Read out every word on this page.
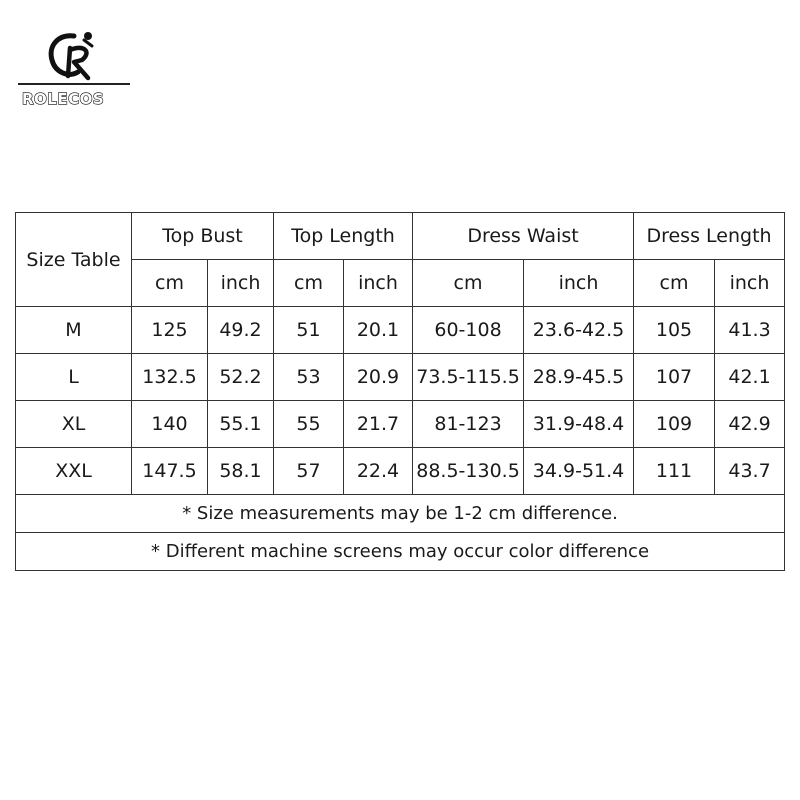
ROLECOS
Size Table	Top Bust		Top Length		Dress Waist		Dress Length	
	cm	inch	cm	inch	cm	inch	cm	inch
M	125	49.2	51	20.1	60-108	23.6-42.5	105	41.3
L	132.5	52.2	53	20.9	73.5-115.5	28.9-45.5	107	42.1
XL	140	55.1	55	21.7	81-123	31.9-48.4	109	42.9
XXL	147.5	58.1	57	22.4	88.5-130.5	34.9-51.4	111	43.7
* Size measurements may be 1-2 cm difference.								
* Different machine screens may occur color difference								
